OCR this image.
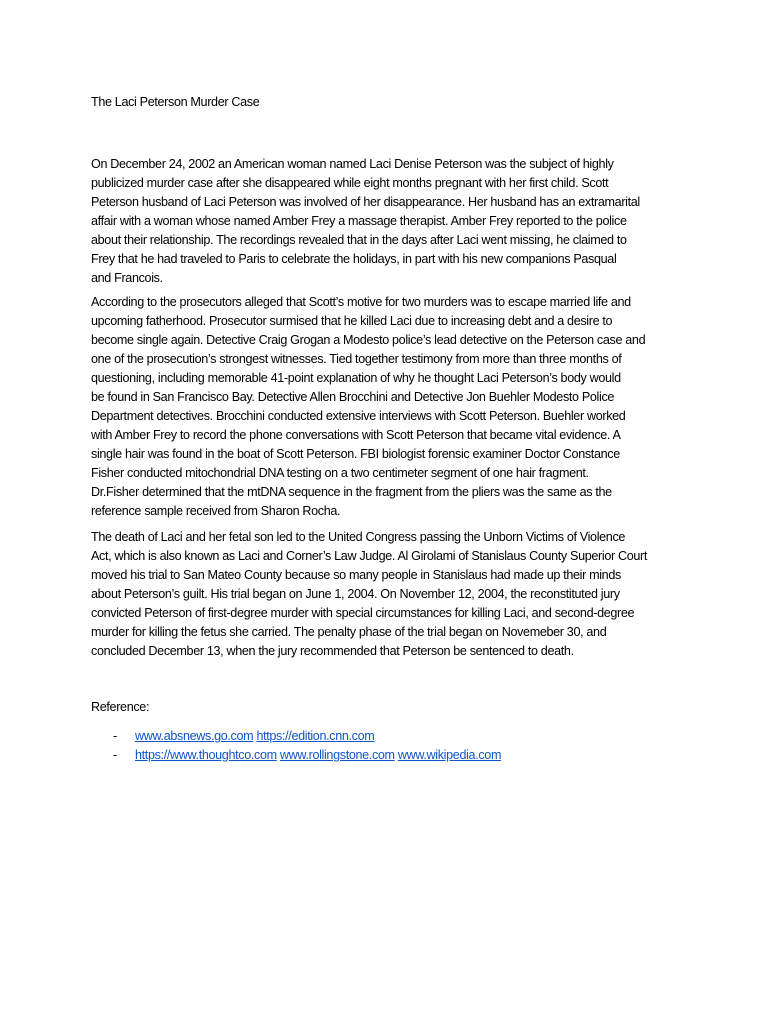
The Laci Peterson Murder Case

On December 24, 2002 an American woman named Laci Denise Peterson was the subject of highly

publicized murder case after she disappeared while eight months pregnant with her first child. Scott

Peterson husband of Laci Peterson was involved of her disappearance. Her husband has an extramarital

affair with a woman whose named Amber Frey a massage therapist. Amber Frey reported to the police

about their relationship. The recordings revealed that in the days after Laci went missing, he claimed to

Frey that he had traveled to Paris to celebrate the holidays, in part with his new companions Pasqual

and Francois.

According to the prosecutors alleged that Scott’s motive for two murders was to escape married life and

upcoming fatherhood. Prosecutor surmised that he killed Laci due to increasing debt and a desire to

become single again. Detective Craig Grogan a Modesto police’s lead detective on the Peterson case and

one of the prosecution’s strongest witnesses. Tied together testimony from more than three months of

questioning, including memorable 41-point explanation of why he thought Laci Peterson’s body would

be found in San Francisco Bay. Detective Allen Brocchini and Detective Jon Buehler Modesto Police

Department detectives. Brocchini conducted extensive interviews with Scott Peterson. Buehler worked

with Amber Frey to record the phone conversations with Scott Peterson that became vital evidence. A

single hair was found in the boat of Scott Peterson. FBI biologist forensic examiner Doctor Constance

Fisher conducted mitochondrial DNA testing on a two centimeter segment of one hair fragment.

Dr.Fisher determined that the mtDNA sequence in the fragment from the pliers was the same as the

reference sample received from Sharon Rocha.

The death of Laci and her fetal son led to the United Congress passing the Unborn Victims of Violence

Act, which is also known as Laci and Corner’s Law Judge. Al Girolami of Stanislaus County Superior Court

moved his trial to San Mateo County because so many people in Stanislaus had made up their minds

about Peterson’s guilt. His trial began on June 1, 2004. On November 12, 2004, the reconstituted jury

convicted Peterson of first-degree murder with special circumstances for killing Laci, and second-degree

murder for killing the fetus she carried. The penalty phase of the trial began on Novemeber 30, and

concluded December 13, when the jury recommended that Peterson be sentenced to death.

Reference:

- www.absnews.go.com https://edition.cnn.com
- https://www.thoughtco.com www.rollingstone.com www.wikipedia.com
